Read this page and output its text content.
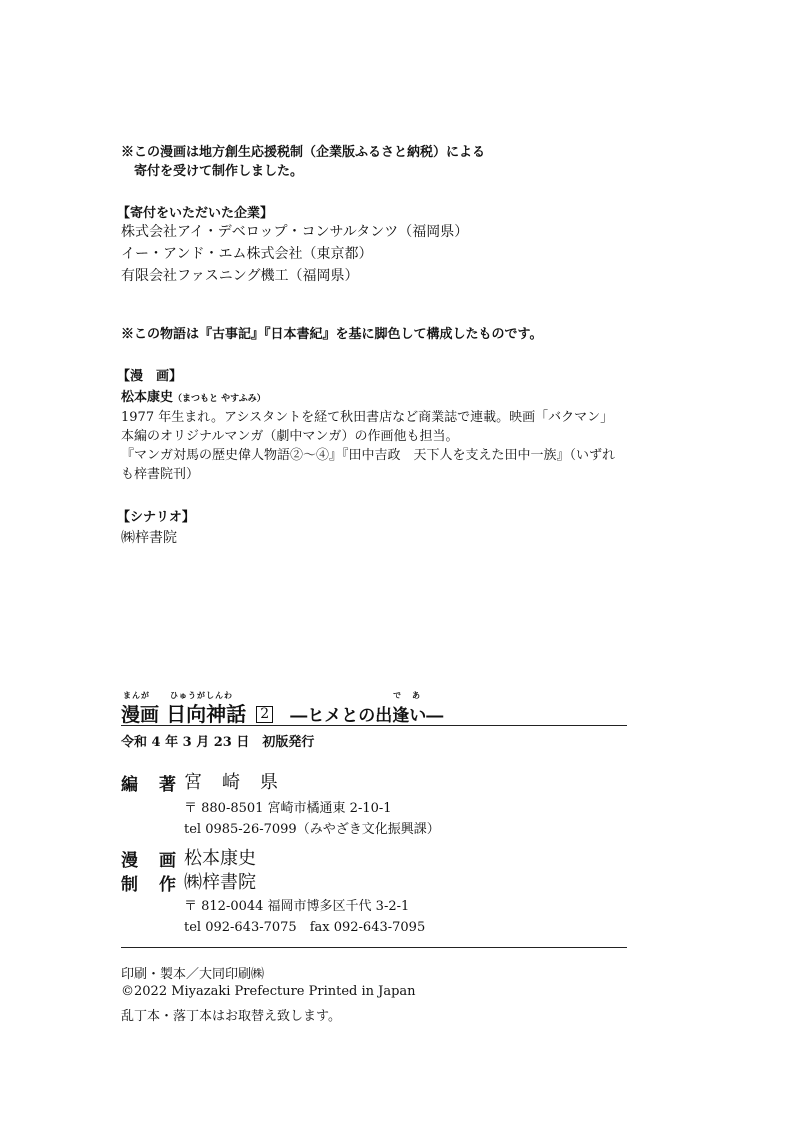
※この漫画は地方創生応援税制（企業版ふるさと納税）による
寄付を受けて制作しました。
【寄付をいただいた企業】
株式会社アイ・デベロップ・コンサルタンツ（福岡県）
イー・アンド・エム株式会社（東京都）
有限会社ファスニング機工（福岡県）
※この物語は『古事記』『日本書紀』を基に脚色して構成したものです。
【漫　画】
松本康史（まつもと やすふみ）
1977 年生まれ。アシスタントを経て秋田書店など商業誌で連載。映画「バクマン」
本編のオリジナルマンガ（劇中マンガ）の作画他も担当。
『マンガ対馬の歴史偉人物語②～④』『田中吉政　天下人を支えた田中一族』（いずれ
も梓書院刊）
【シナリオ】
㈱梓書院
まんが	ひゅうがしんわ	で あ
漫画 日向神話 2 ―ヒメとの出逢い―
令和 4 年 3 月 23 日　初版発行
編　著 宮　崎　県
〒 880-8501 宮崎市橘通東 2-10-1
tel 0985-26-7099（みやざき文化振興課）
漫　画 松本康史
制　作 ㈱梓書院
〒 812-0044 福岡市博多区千代 3-2-1
tel 092-643-7075　fax 092-643-7095
印刷・製本／大同印刷㈱
©2022 Miyazaki Prefecture Printed in Japan
乱丁本・落丁本はお取替え致します。
